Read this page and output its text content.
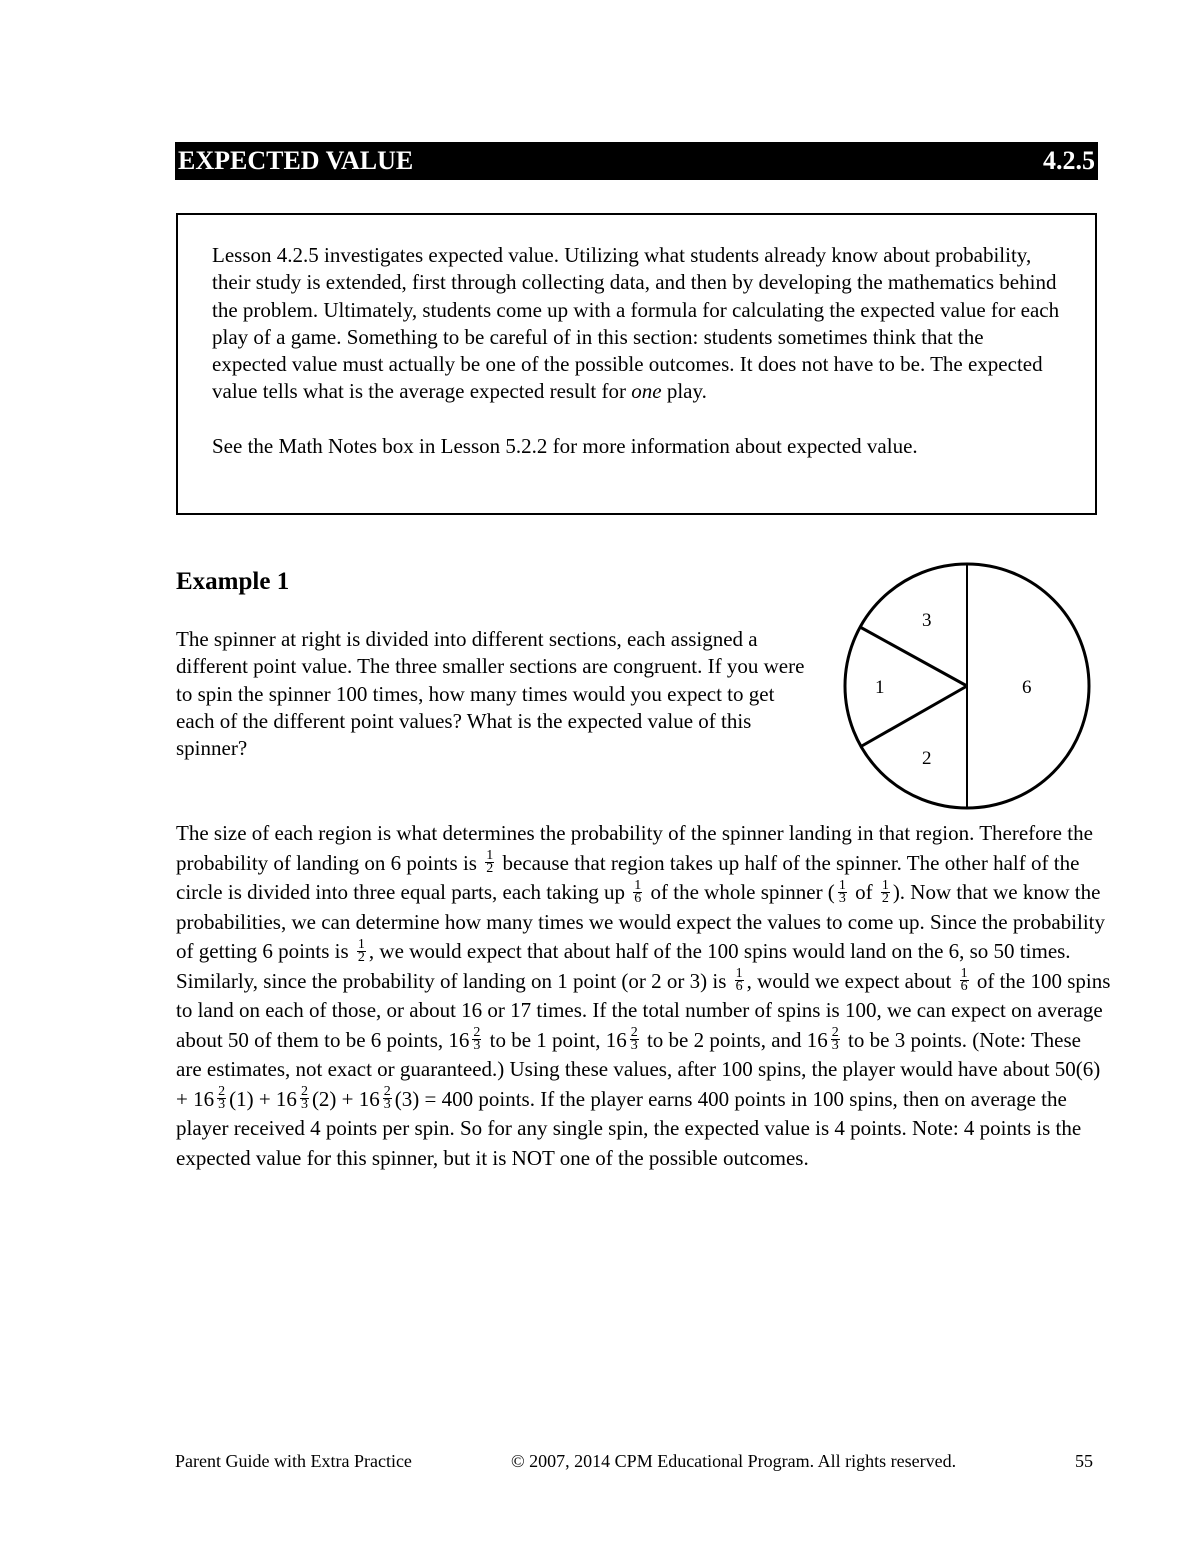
EXPECTED VALUE	4.2.5

Lesson 4.2.5 investigates expected value. Utilizing what students already know about probability, their study is extended, first through collecting data, and then by developing the mathematics behind the problem. Ultimately, students come up with a formula for calculating the expected value for each play of a game. Something to be careful of in this section: students sometimes think that the expected value must actually be one of the possible outcomes. It does not have to be. The expected value tells what is the average expected result for one play.

See the Math Notes box in Lesson 5.2.2 for more information about expected value.

Example 1

The spinner at right is divided into different sections, each assigned a different point value. The three smaller sections are congruent. If you were to spin the spinner 100 times, how many times would you expect to get each of the different point values? What is the expected value of this spinner?

3
1
2
6

The size of each region is what determines the probability of the spinner landing in that region. Therefore the probability of landing on 6 points is $\frac{1}{2}$ because that region takes up half of the spinner. The other half of the circle is divided into three equal parts, each taking up $\frac{1}{6}$ of the whole spinner ( $\frac{1}{3}$ of $\frac{1}{2}$ ). Now that we know the probabilities, we can determine how many times we would expect the values to come up. Since the probability of getting 6 points is $\frac{1}{2}$ , we would expect that about half of the 100 spins would land on the 6, so 50 times. Similarly, since the probability of landing on 1 point (or 2 or 3) is $\frac{1}{6}$ , would we expect about $\frac{1}{6}$ of the 100 spins to land on each of those, or about 16 or 17 times. If the total number of spins is 100, we can expect on average about 50 of them to be 6 points, $16 \frac{2}{3}$ to be 1 point, $16 \frac{2}{3}$ to be 2 points, and $16 \frac{2}{3}$ to be 3 points. (Note: These are estimates, not exact or guaranteed.) Using these values, after 100 spins, the player would have about $50(6) + 16 \frac{2}{3} (1) + 16 \frac{2}{3} (2) + 16 \frac{2}{3} (3) = 400$ points. If the player earns 400 points in 100 spins, then on average the player received 4 points per spin. So for any single spin, the expected value is 4 points. Note: 4 points is the expected value for this spinner, but it is NOT one of the possible outcomes.

Parent Guide with Extra Practice	© 2007, 2014 CPM Educational Program. All rights reserved.	55
